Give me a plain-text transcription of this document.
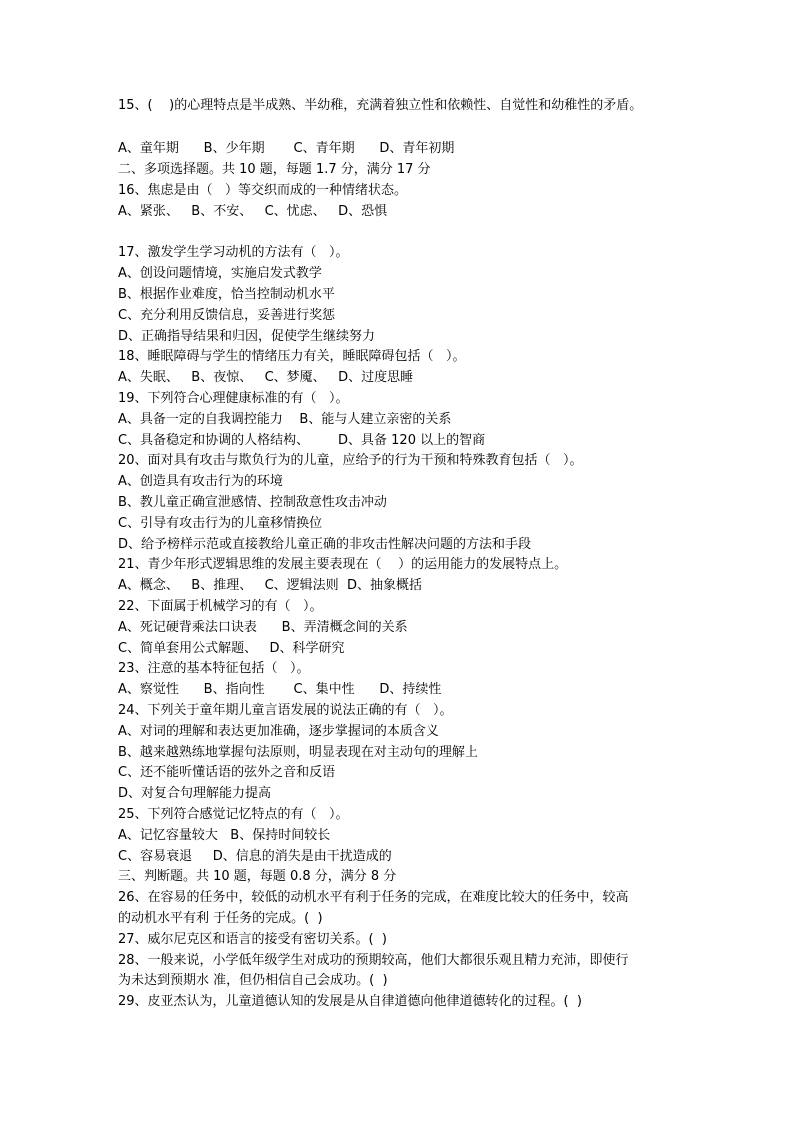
15、(    )的心理特点是半成熟、半幼稚，充满着独立性和依赖性、自觉性和幼稚性的矛盾。
A、童年期      B、少年期       C、青年期      D、青年初期
二、多项选择题。共 10 题，每题 1.7 分，满分 17 分
16、焦虑是由（   ）等交织而成的一种情绪状态。
A、紧张、   B、不安、   C、忧虑、   D、恐惧
17、激发学生学习动机的方法有（   ）。
A、创设问题情境，实施启发式教学
B、根据作业难度，恰当控制动机水平
C、充分利用反馈信息，妥善进行奖惩
D、正确指导结果和归因，促使学生继续努力
18、睡眠障碍与学生的情绪压力有关，睡眠障碍包括（   ）。
A、失眠、   B、夜惊、   C、梦魇、   D、过度思睡
19、下列符合心理健康标准的有（   ）。
A、具备一定的自我调控能力    B、能与人建立亲密的关系
C、具备稳定和协调的人格结构、       D、具备 120 以上的智商
20、面对具有攻击与欺负行为的儿童，应给予的行为干预和特殊教育包括（   ）。
A、创造具有攻击行为的环境
B、教儿童正确宣泄感情、控制敌意性攻击冲动
C、引导有攻击行为的儿童移情换位
D、给予榜样示范或直接教给儿童正确的非攻击性解决问题的方法和手段
21、青少年形式逻辑思维的发展主要表现在（    ）的运用能力的发展特点上。
A、概念、   B、推理、   C、逻辑法则  D、抽象概括
22、下面属于机械学习的有（   ）。
A、死记硬背乘法口诀表      B、弄清概念间的关系
C、简单套用公式解题、   D、科学研究
23、注意的基本特征包括（   ）。
A、察觉性      B、指向性       C、集中性      D、持续性
24、下列关于童年期儿童言语发展的说法正确的有（   ）。
A、对词的理解和表达更加准确，逐步掌握词的本质含义
B、越来越熟练地掌握句法原则，明显表现在对主动句的理解上
C、还不能听懂话语的弦外之音和反语
D、对复合句理解能力提高
25、下列符合感觉记忆特点的有（   ）。
A、记忆容量较大   B、保持时间较长
C、容易衰退     D、信息的消失是由干扰造成的
三、判断题。共 10 题，每题 0.8 分，满分 8 分
26、在容易的任务中，较低的动机水平有利于任务的完成，在难度比较大的任务中，较高
的动机水平有利 于任务的完成。(  )
27、威尔尼克区和语言的接受有密切关系。(  )
28、一般来说，小学低年级学生对成功的预期较高，他们大都很乐观且精力充沛，即使行
为未达到预期水 准，但仍相信自己会成功。(  )
29、皮亚杰认为，儿童道德认知的发展是从自律道德向他律道德转化的过程。(  )
